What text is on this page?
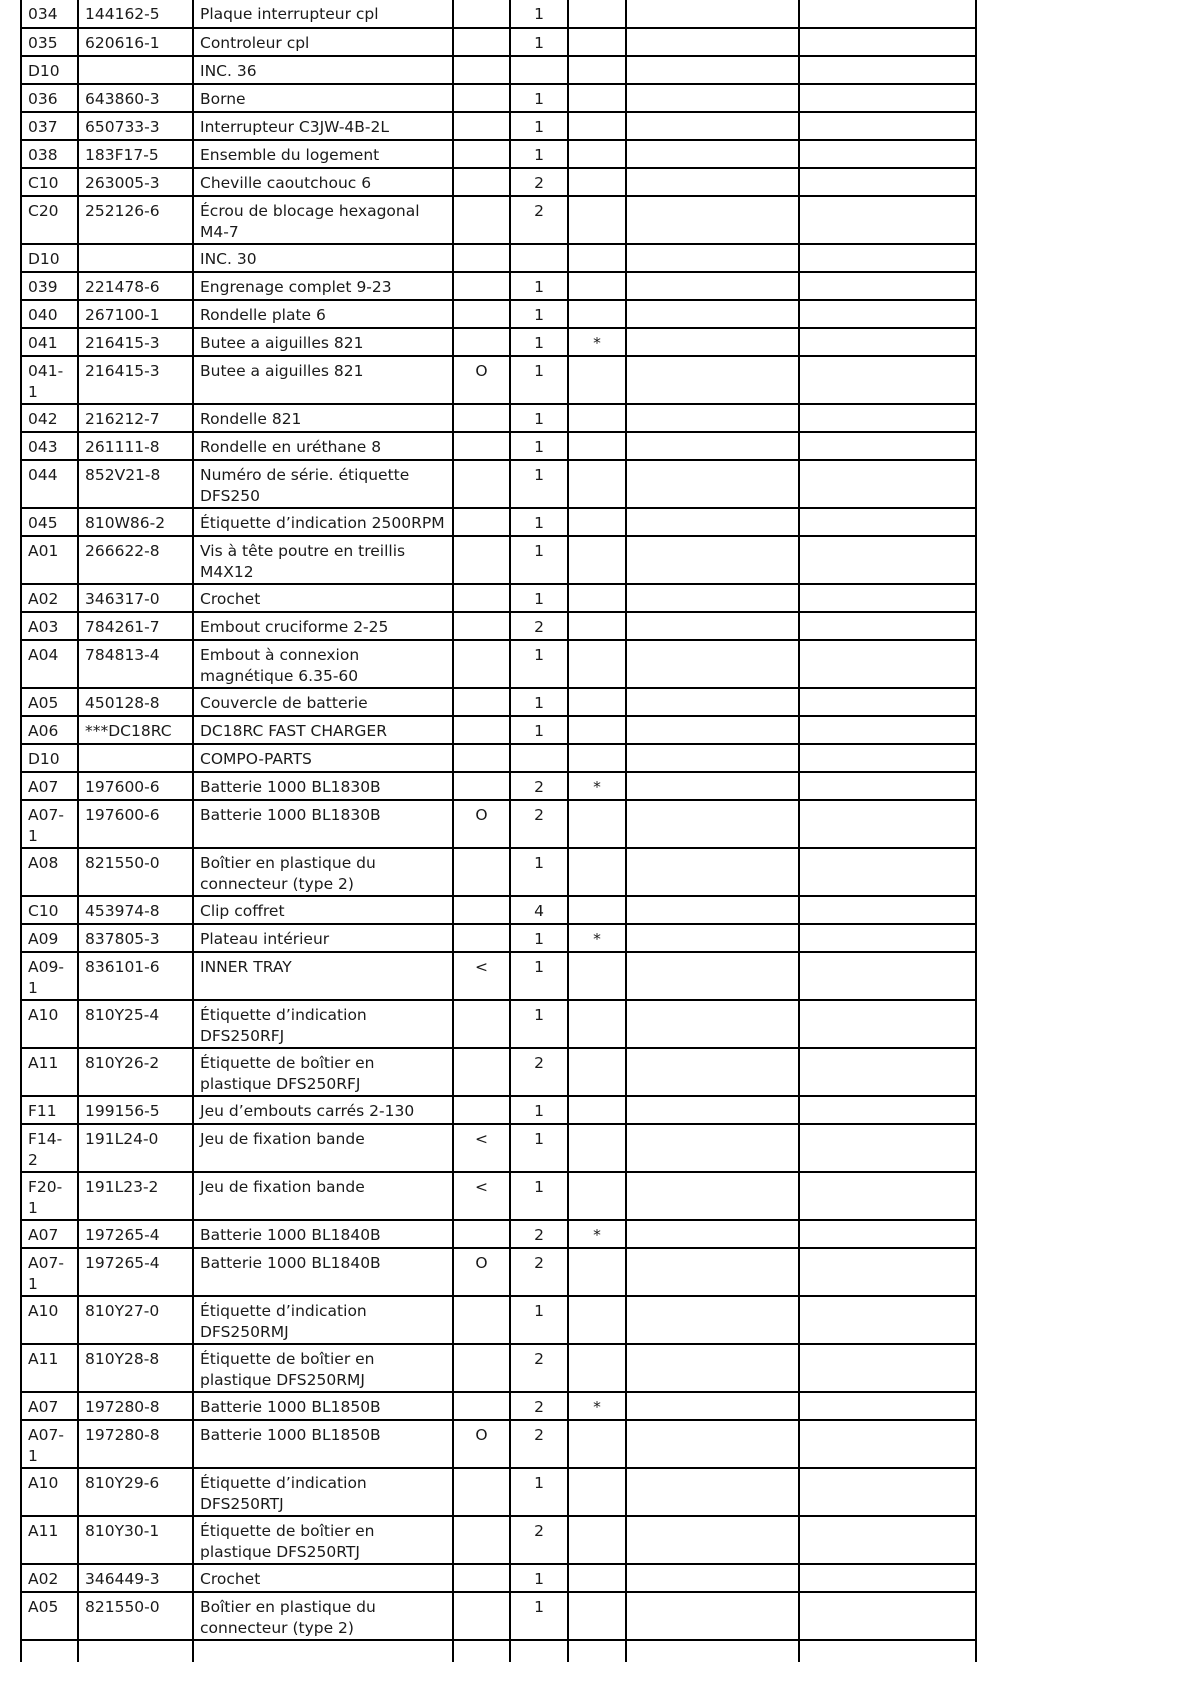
034	144162-5	Plaque interrupteur cpl		1			
035	620616-1	Controleur cpl		1			
D10		INC. 36					
036	643860-3	Borne		1			
037	650733-3	Interrupteur C3JW-4B-2L		1			
038	183F17-5	Ensemble du logement		1			
C10	263005-3	Cheville caoutchouc 6		2			
C20	252126-6	Écrou de blocage hexagonal M4-7		2			
D10		INC. 30					
039	221478-6	Engrenage complet 9-23		1			
040	267100-1	Rondelle plate 6		1			
041	216415-3	Butee a aiguilles 821		1	*		
041-1	216415-3	Butee a aiguilles 821	O	1			
042	216212-7	Rondelle 821		1			
043	261111-8	Rondelle en uréthane 8		1			
044	852V21-8	Numéro de série. étiquette DFS250		1			
045	810W86-2	Étiquette d’indication 2500RPM		1			
A01	266622-8	Vis à tête poutre en treillis M4X12		1			
A02	346317-0	Crochet		1			
A03	784261-7	Embout cruciforme 2-25		2			
A04	784813-4	Embout à connexion magnétique 6.35-60		1			
A05	450128-8	Couvercle de batterie		1			
A06	***DC18RC	DC18RC FAST CHARGER		1			
D10		COMPO-PARTS					
A07	197600-6	Batterie 1000 BL1830B		2	*		
A07-1	197600-6	Batterie 1000 BL1830B	O	2			
A08	821550-0	Boîtier en plastique du connecteur (type 2)		1			
C10	453974-8	Clip coffret		4			
A09	837805-3	Plateau intérieur		1	*		
A09-1	836101-6	INNER TRAY	<	1			
A10	810Y25-4	Étiquette d’indication DFS250RFJ		1			
A11	810Y26-2	Étiquette de boîtier en plastique DFS250RFJ		2			
F11	199156-5	Jeu d’embouts carrés 2-130		1			
F14-2	191L24-0	Jeu de fixation bande	<	1			
F20-1	191L23-2	Jeu de fixation bande	<	1			
A07	197265-4	Batterie 1000 BL1840B		2	*		
A07-1	197265-4	Batterie 1000 BL1840B	O	2			
A10	810Y27-0	Étiquette d’indication DFS250RMJ		1			
A11	810Y28-8	Étiquette de boîtier en plastique DFS250RMJ		2			
A07	197280-8	Batterie 1000 BL1850B		2	*		
A07-1	197280-8	Batterie 1000 BL1850B	O	2			
A10	810Y29-6	Étiquette d’indication DFS250RTJ		1			
A11	810Y30-1	Étiquette de boîtier en plastique DFS250RTJ		2			
A02	346449-3	Crochet		1			
A05	821550-0	Boîtier en plastique du connecteur (type 2)		1			
